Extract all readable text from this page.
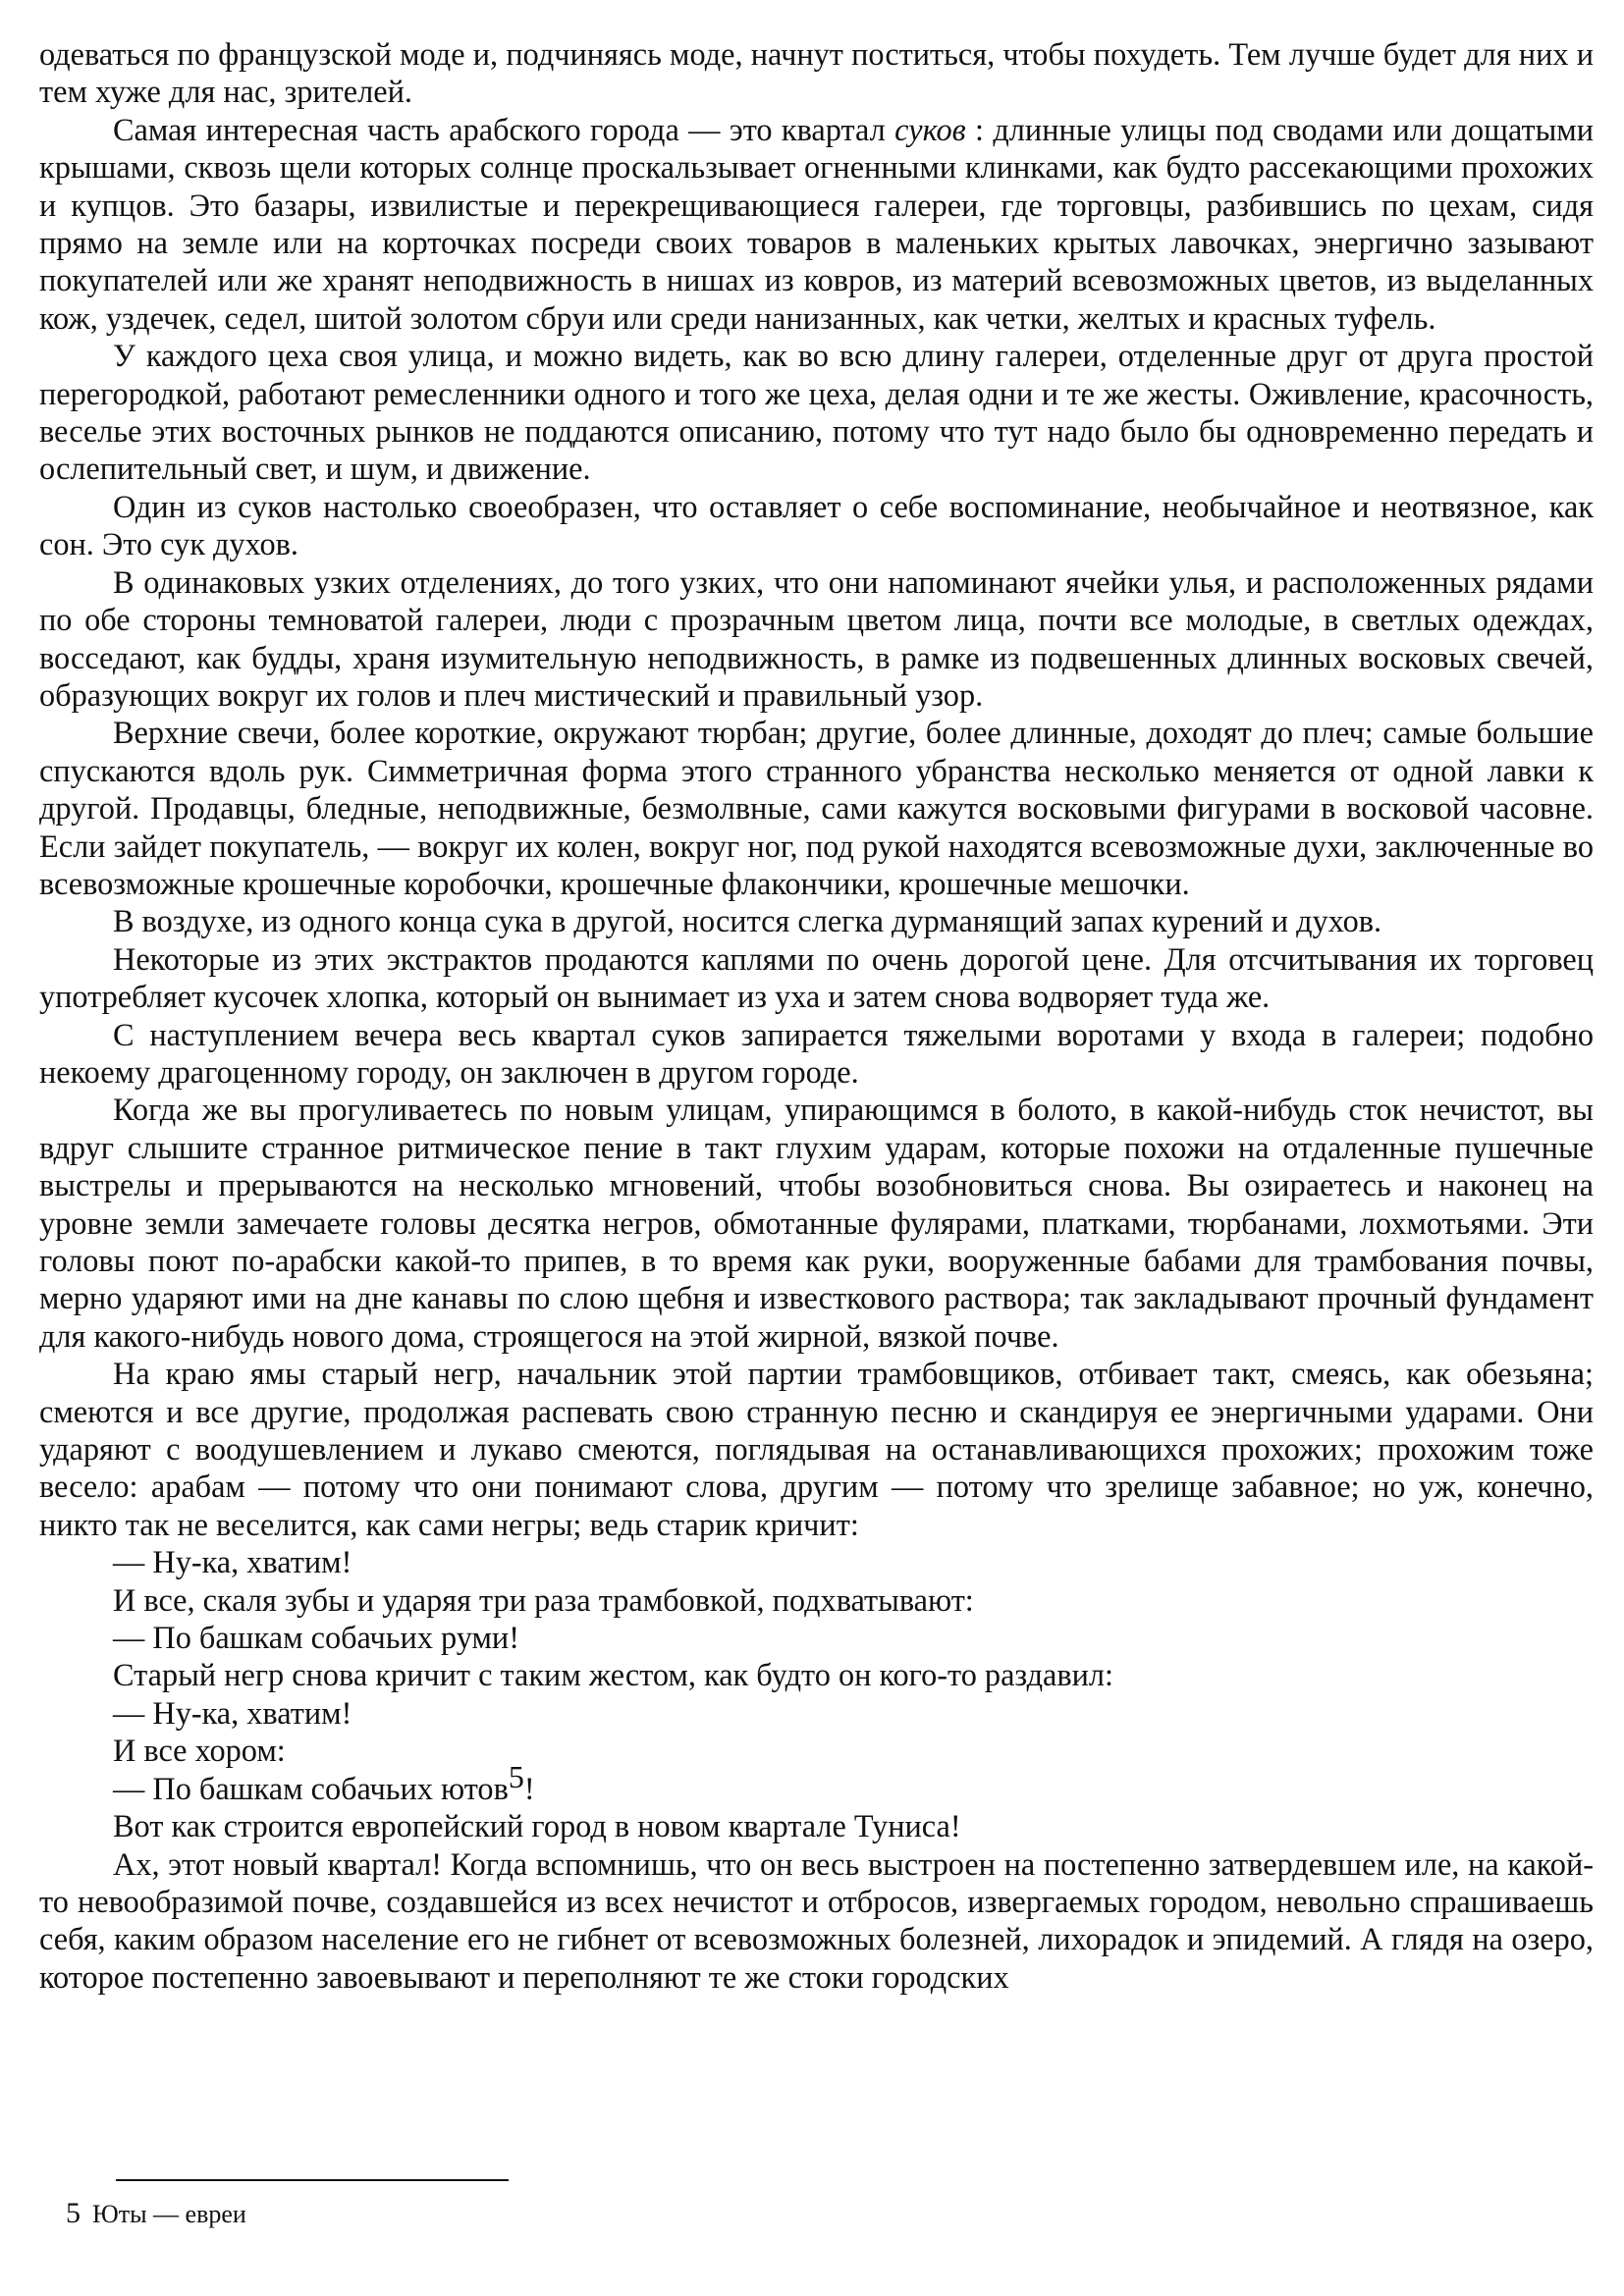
одеваться по французской моде и, подчиняясь моде, начнут поститься, чтобы похудеть. Тем лучше будет для них и тем хуже для нас, зрителей.

Самая интересная часть арабского города — это квартал суков : длинные улицы под сводами или дощатыми крышами, сквозь щели которых солнце проскальзывает огненными клинками, как будто рассекающими прохожих и купцов. Это базары, извилистые и перекрещивающиеся галереи, где торговцы, разбившись по цехам, сидя прямо на земле или на корточках посреди своих товаров в маленьких крытых лавочках, энергично зазывают покупателей или же хранят неподвижность в нишах из ковров, из материй всевозможных цветов, из выделанных кож, уздечек, седел, шитой золотом сбруи или среди нанизанных, как четки, желтых и красных туфель.

У каждого цеха своя улица, и можно видеть, как во всю длину галереи, отделенные друг от друга простой перегородкой, работают ремесленники одного и того же цеха, делая одни и те же жесты. Оживление, красочность, веселье этих восточных рынков не поддаются описанию, потому что тут надо было бы одновременно передать и ослепительный свет, и шум, и движение.

Один из суков настолько своеобразен, что оставляет о себе воспоминание, необычайное и неотвязное, как сон. Это сук духов.

В одинаковых узких отделениях, до того узких, что они напоминают ячейки улья, и расположенных рядами по обе стороны темноватой галереи, люди с прозрачным цветом лица, почти все молодые, в светлых одеждах, восседают, как будды, храня изумительную неподвижность, в рамке из подвешенных длинных восковых свечей, образующих вокруг их голов и плеч мистический и правильный узор.

Верхние свечи, более короткие, окружают тюрбан; другие, более длинные, доходят до плеч; самые большие спускаются вдоль рук. Симметричная форма этого странного убранства несколько меняется от одной лавки к другой. Продавцы, бледные, неподвижные, безмолвные, сами кажутся восковыми фигурами в восковой часовне. Если зайдет покупатель, — вокруг их колен, вокруг ног, под рукой находятся всевозможные духи, заключенные во всевозможные крошечные коробочки, крошечные флакончики, крошечные мешочки.

В воздухе, из одного конца сука в другой, носится слегка дурманящий запах курений и духов.

Некоторые из этих экстрактов продаются каплями по очень дорогой цене. Для отсчитывания их торговец употребляет кусочек хлопка, который он вынимает из уха и затем снова водворяет туда же.

С наступлением вечера весь квартал суков запирается тяжелыми воротами у входа в галереи; подобно некоему драгоценному городу, он заключен в другом городе.

Когда же вы прогуливаетесь по новым улицам, упирающимся в болото, в какой-нибудь сток нечистот, вы вдруг слышите странное ритмическое пение в такт глухим ударам, которые похожи на отдаленные пушечные выстрелы и прерываются на несколько мгновений, чтобы возобновиться снова. Вы озираетесь и наконец на уровне земли замечаете головы десятка негров, обмотанные фулярами, платками, тюрбанами, лохмотьями. Эти головы поют по-арабски какой-то припев, в то время как руки, вооруженные бабами для трамбования почвы, мерно ударяют ими на дне канавы по слою щебня и известкового раствора; так закладывают прочный фундамент для какого-нибудь нового дома, строящегося на этой жирной, вязкой почве.

На краю ямы старый негр, начальник этой партии трамбовщиков, отбивает такт, смеясь, как обезьяна; смеются и все другие, продолжая распевать свою странную песню и скандируя ее энергичными ударами. Они ударяют с воодушевлением и лукаво смеются, поглядывая на останавливающихся прохожих; прохожим тоже весело: арабам — потому что они понимают слова, другим — потому что зрелище забавное; но уж, конечно, никто так не веселится, как сами негры; ведь старик кричит:

— Ну-ка, хватим!

И все, скаля зубы и ударяя три раза трамбовкой, подхватывают:

— По башкам собачьих руми!

Старый негр снова кричит с таким жестом, как будто он кого-то раздавил:

— Ну-ка, хватим!

И все хором:

— По башкам собачьих ютов5!

Вот как строится европейский город в новом квартале Туниса!

Ах, этот новый квартал! Когда вспомнишь, что он весь выстроен на постепенно затвердевшем иле, на какой-то невообразимой почве, создавшейся из всех нечистот и отбросов, извергаемых городом, невольно спрашиваешь себя, каким образом население его не гибнет от всевозможных болезней, лихорадок и эпидемий. А глядя на озеро, которое постепенно завоевывают и переполняют те же стоки городских

5 Юты — евреи
